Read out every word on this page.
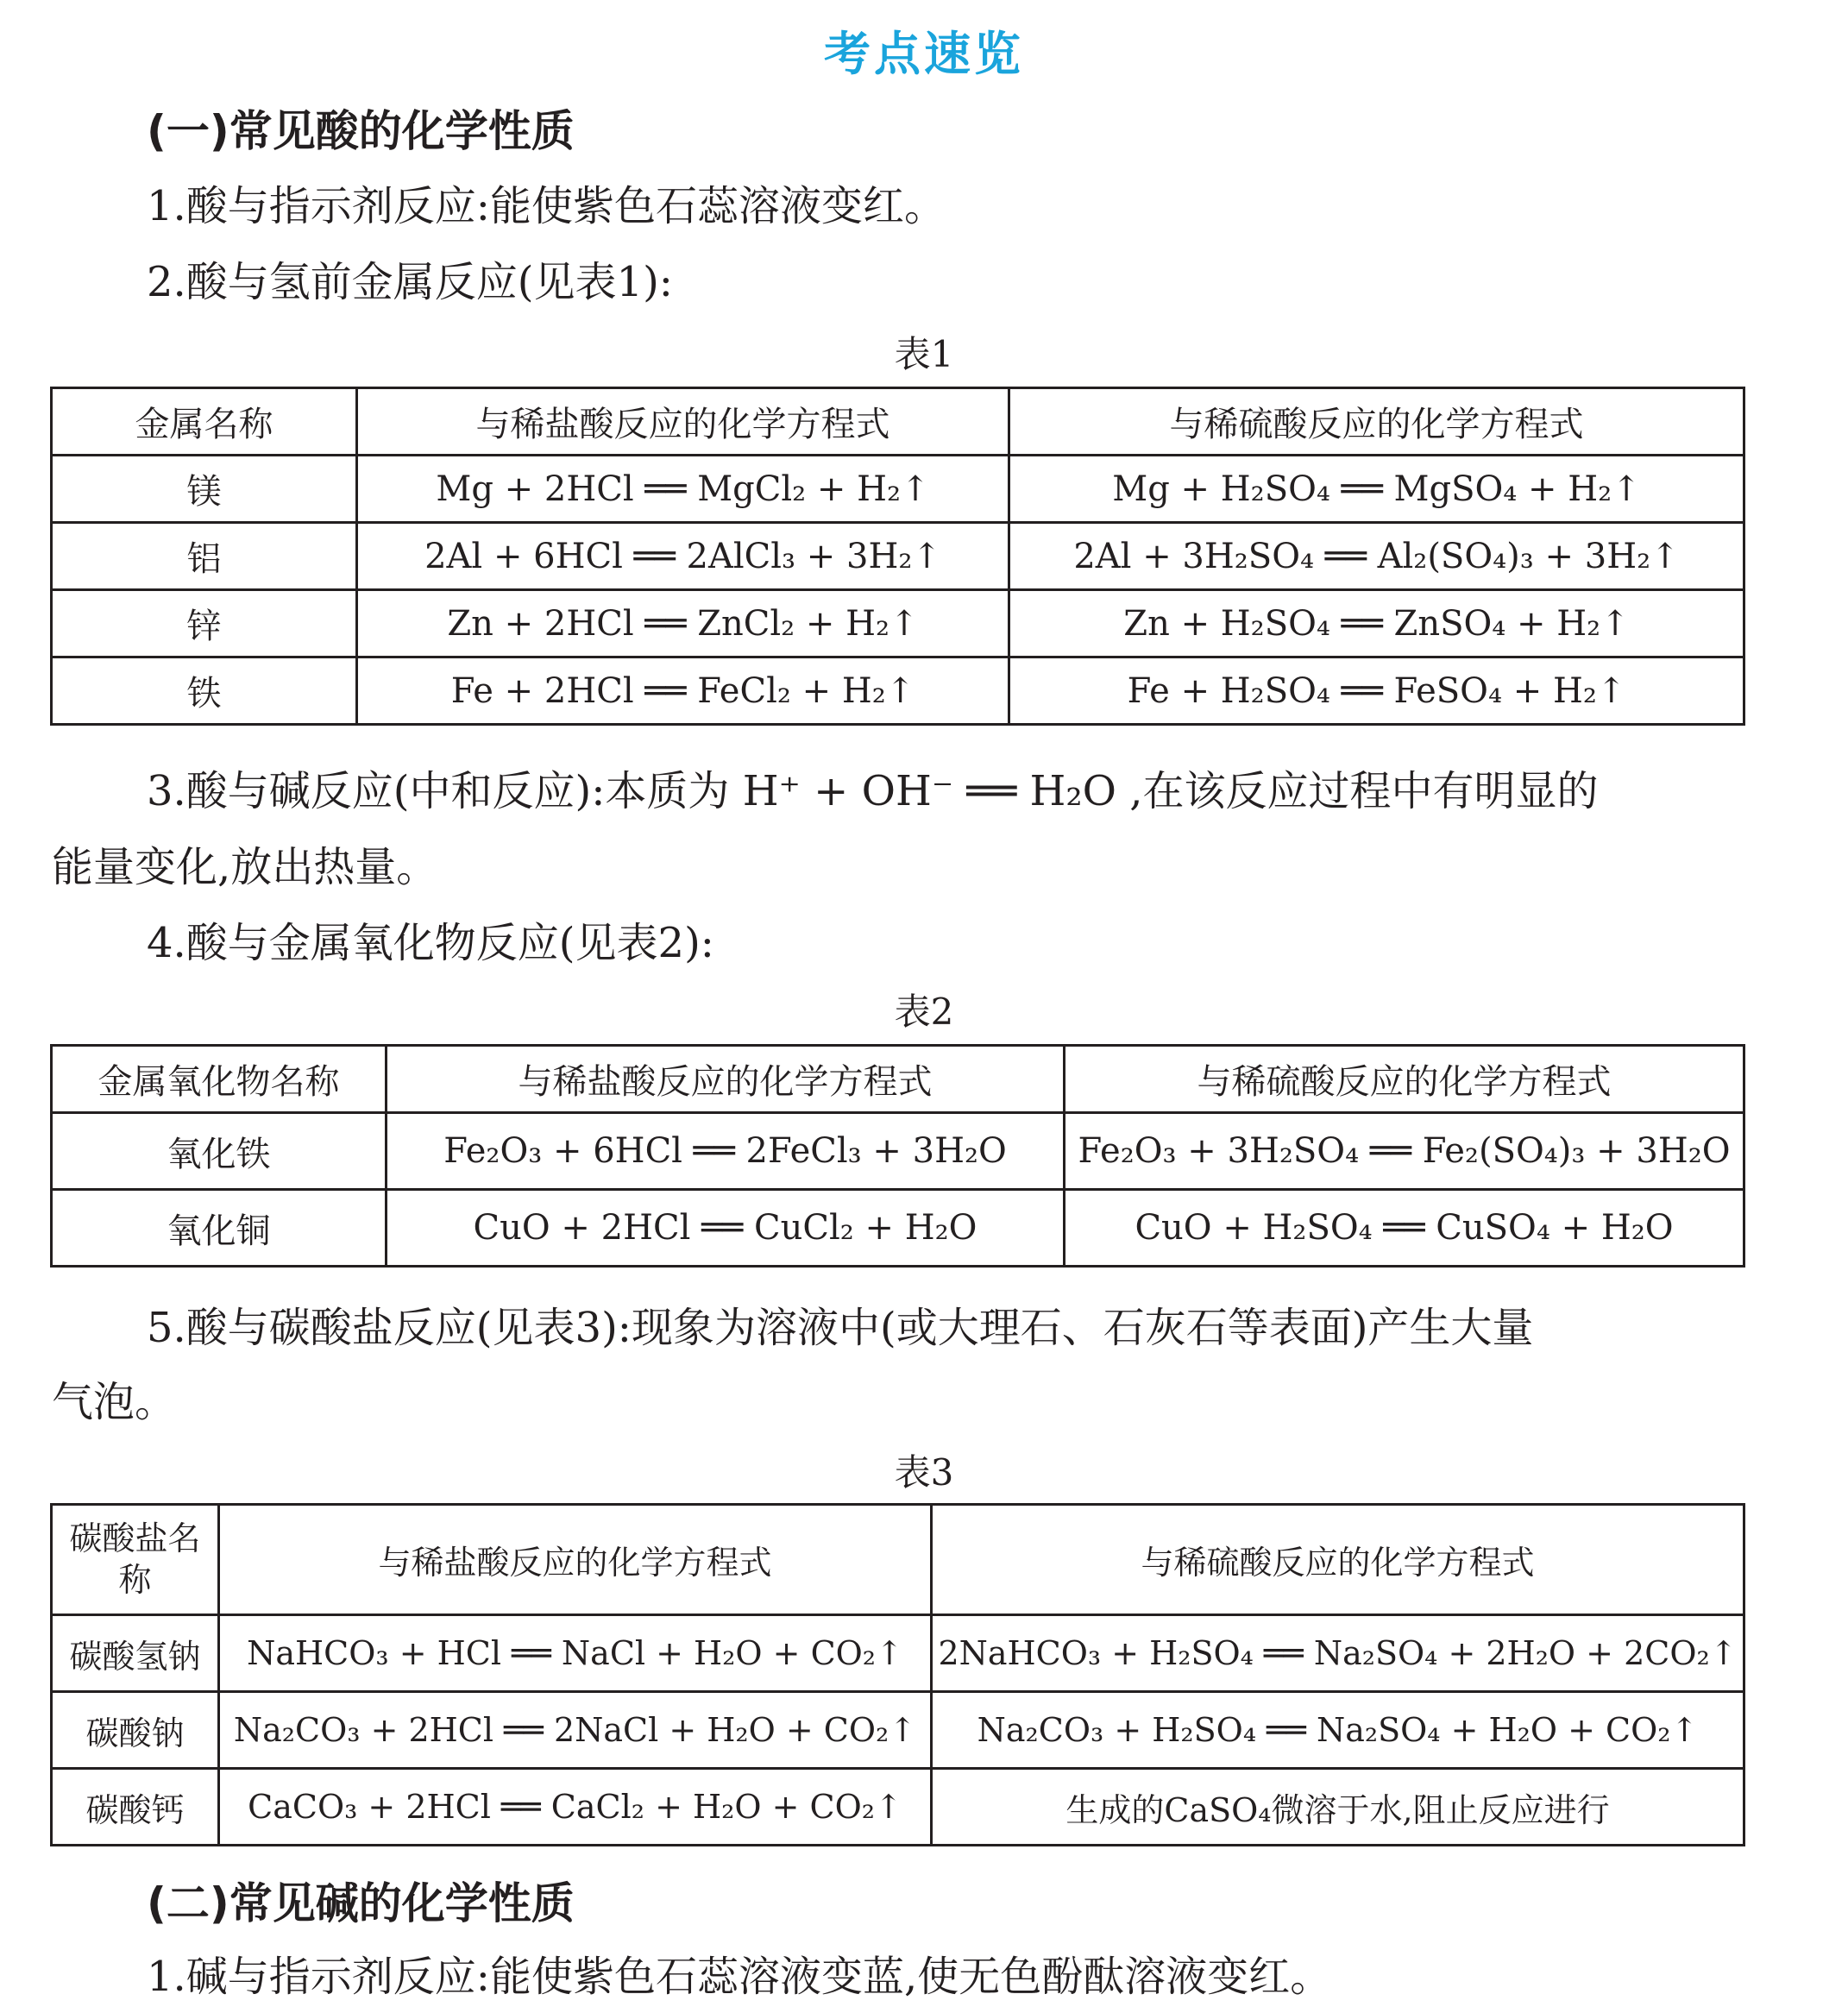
考点速览
(一)常见酸的化学性质
1.酸与指示剂反应:能使紫色石蕊溶液变红。
2.酸与氢前金属反应(见表1):
表1
金属名称	与稀盐酸反应的化学方程式	与稀硫酸反应的化学方程式
镁	Mg + 2HCl ══ MgCl₂ + H₂↑	Mg + H₂SO₄ ══ MgSO₄ + H₂↑
铝	2Al + 6HCl ══ 2AlCl₃ + 3H₂↑	2Al + 3H₂SO₄ ══ Al₂(SO₄)₃ + 3H₂↑
锌	Zn + 2HCl ══ ZnCl₂ + H₂↑	Zn + H₂SO₄ ══ ZnSO₄ + H₂↑
铁	Fe + 2HCl ══ FeCl₂ + H₂↑	Fe + H₂SO₄ ══ FeSO₄ + H₂↑
3.酸与碱反应(中和反应):本质为 H⁺ + OH⁻ ══ H₂O ,在该反应过程中有明显的
能量变化,放出热量。
4.酸与金属氧化物反应(见表2):
表2
金属氧化物名称	与稀盐酸反应的化学方程式	与稀硫酸反应的化学方程式
氧化铁	Fe₂O₃ + 6HCl ══ 2FeCl₃ + 3H₂O	Fe₂O₃ + 3H₂SO₄ ══ Fe₂(SO₄)₃ + 3H₂O
氧化铜	CuO + 2HCl ══ CuCl₂ + H₂O	CuO + H₂SO₄ ══ CuSO₄ + H₂O
5.酸与碳酸盐反应(见表3):现象为溶液中(或大理石、石灰石等表面)产生大量
气泡。
表3
碳酸盐名称	与稀盐酸反应的化学方程式	与稀硫酸反应的化学方程式
碳酸氢钠	NaHCO₃ + HCl ══ NaCl + H₂O + CO₂↑	2NaHCO₃ + H₂SO₄ ══ Na₂SO₄ + 2H₂O + 2CO₂↑
碳酸钠	Na₂CO₃ + 2HCl ══ 2NaCl + H₂O + CO₂↑	Na₂CO₃ + H₂SO₄ ══ Na₂SO₄ + H₂O + CO₂↑
碳酸钙	CaCO₃ + 2HCl ══ CaCl₂ + H₂O + CO₂↑	生成的CaSO₄微溶于水,阻止反应进行
(二)常见碱的化学性质
1.碱与指示剂反应:能使紫色石蕊溶液变蓝,使无色酚酞溶液变红。
